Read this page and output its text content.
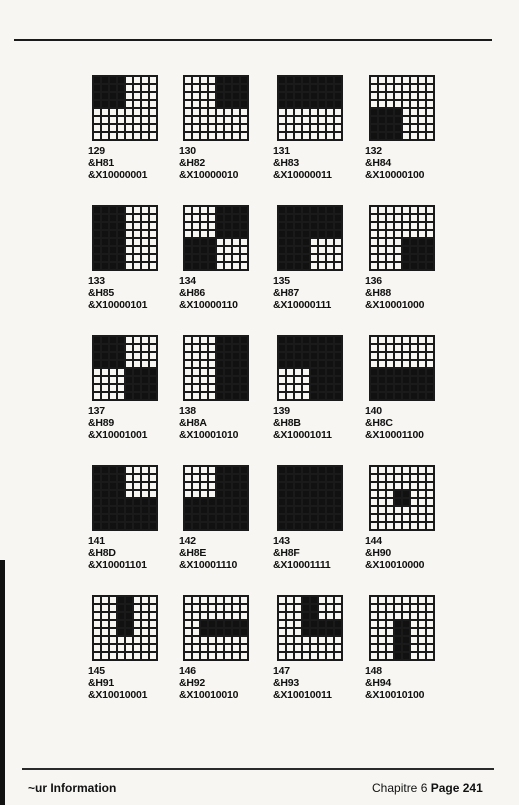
129
&H81
&X10000001
130
&H82
&X10000010
131
&H83
&X10000011
132
&H84
&X10000100
133
&H85
&X10000101
134
&H86
&X10000110
135
&H87
&X10000111
136
&H88
&X10001000
137
&H89
&X10001001
138
&H8A
&X10001010
139
&H8B
&X10001011
140
&H8C
&X10001100
141
&H8D
&X10001101
142
&H8E
&X10001110
143
&H8F
&X10001111
144
&H90
&X10010000
145
&H91
&X10010001
146
&H92
&X10010010
147
&H93
&X10010011
148
&H94
&X10010100
~ur Information	Chapitre 6 Page 241
